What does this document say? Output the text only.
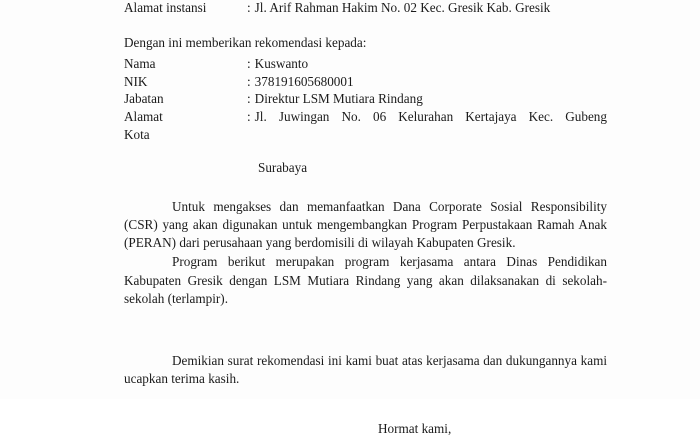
Alamat instansi	: Jl. Arif Rahman Hakim No. 02 Kec. Gresik Kab. Gresik
Dengan ini memberikan rekomendasi kepada:
Nama	: Kuswanto
NIK	: 378191605680001
Jabatan	: Direktur LSM Mutiara Rindang
Alamat	: Jl. Juwingan No. 06 Kelurahan Kertajaya Kec. Gubeng
Kota
Surabaya

Untuk mengakses dan memanfaatkan Dana Corporate Sosial Responsibility (CSR) yang akan digunakan untuk mengembangkan Program Perpustakaan Ramah Anak (PERAN) dari perusahaan yang berdomisili di wilayah Kabupaten Gresik.

Program berikut merupakan program kerjasama antara Dinas Pendidikan Kabupaten Gresik dengan LSM Mutiara Rindang yang akan dilaksanakan di sekolah-sekolah (terlampir).

Demikian surat rekomendasi ini kami buat atas kerjasama dan dukungannya kami ucapkan terima kasih.

Hormat kami,
